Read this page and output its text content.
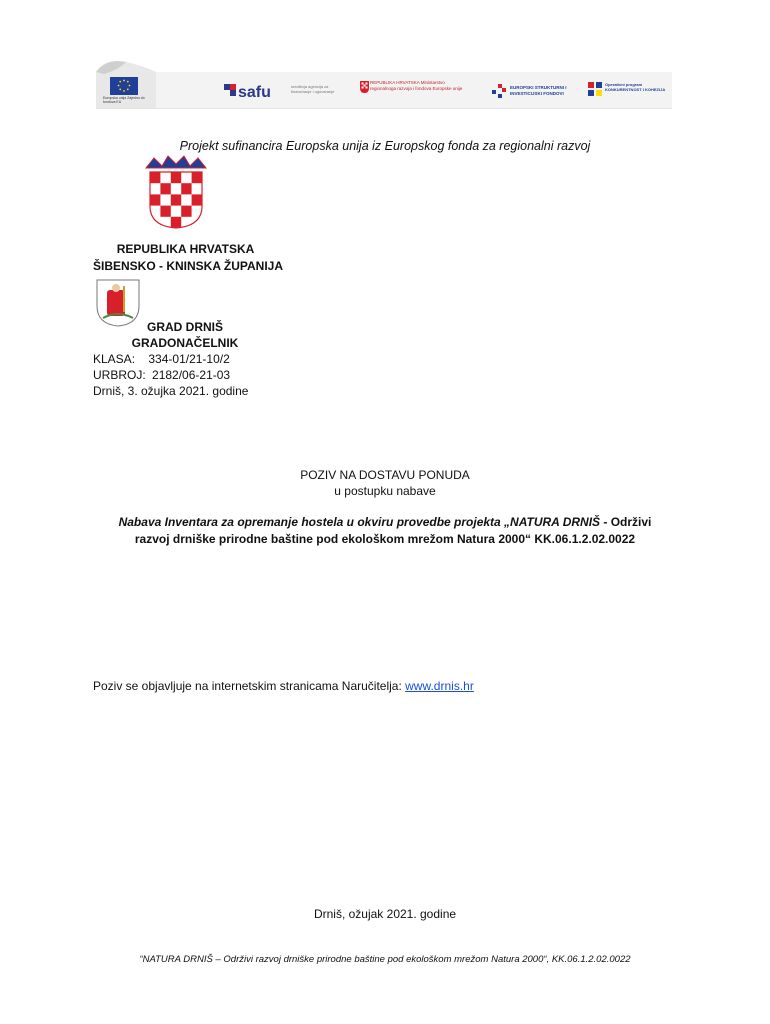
Europska unija Zajedno do fondova EU
safu	središnja agencija za financiranje i ugovaranje
REPUBLIKA HRVATSKA Ministarstvo regionalnoga razvoja i fondova Europske unije	EUROPSKI STRUKTURNI I INVESTICIJSKI FONDOVI
Operativni program KONKURENTNOST I KOHEZIJA
Projekt sufinancira Europska unija iz Europskog fonda za regionalni razvoj
REPUBLIKA HRVATSKA
ŠIBENSKO - KNINSKA ŽUPANIJA
GRAD DRNIŠ
GRADONAČELNIK
KLASA: 334-01/21-10/2
URBROJ: 2182/06-21-03
Drniš, 3. ožujka 2021. godine
POZIV NA DOSTAVU PONUDA
u postupku nabave
Nabava Inventara za opremanje hostela u okviru provedbe projekta „NATURA DRNIŠ - Održivi
razvoj drniške prirodne baštine pod ekološkom mrežom Natura 2000“ KK.06.1.2.02.0022
Poziv se objavljuje na internetskim stranicama Naručitelja: www.drnis.hr
Drniš, ožujak 2021. godine
“NATURA DRNIŠ – Održivi razvoj drniške prirodne baštine pod ekološkom mrežom Natura 2000“, KK.06.1.2.02.0022
